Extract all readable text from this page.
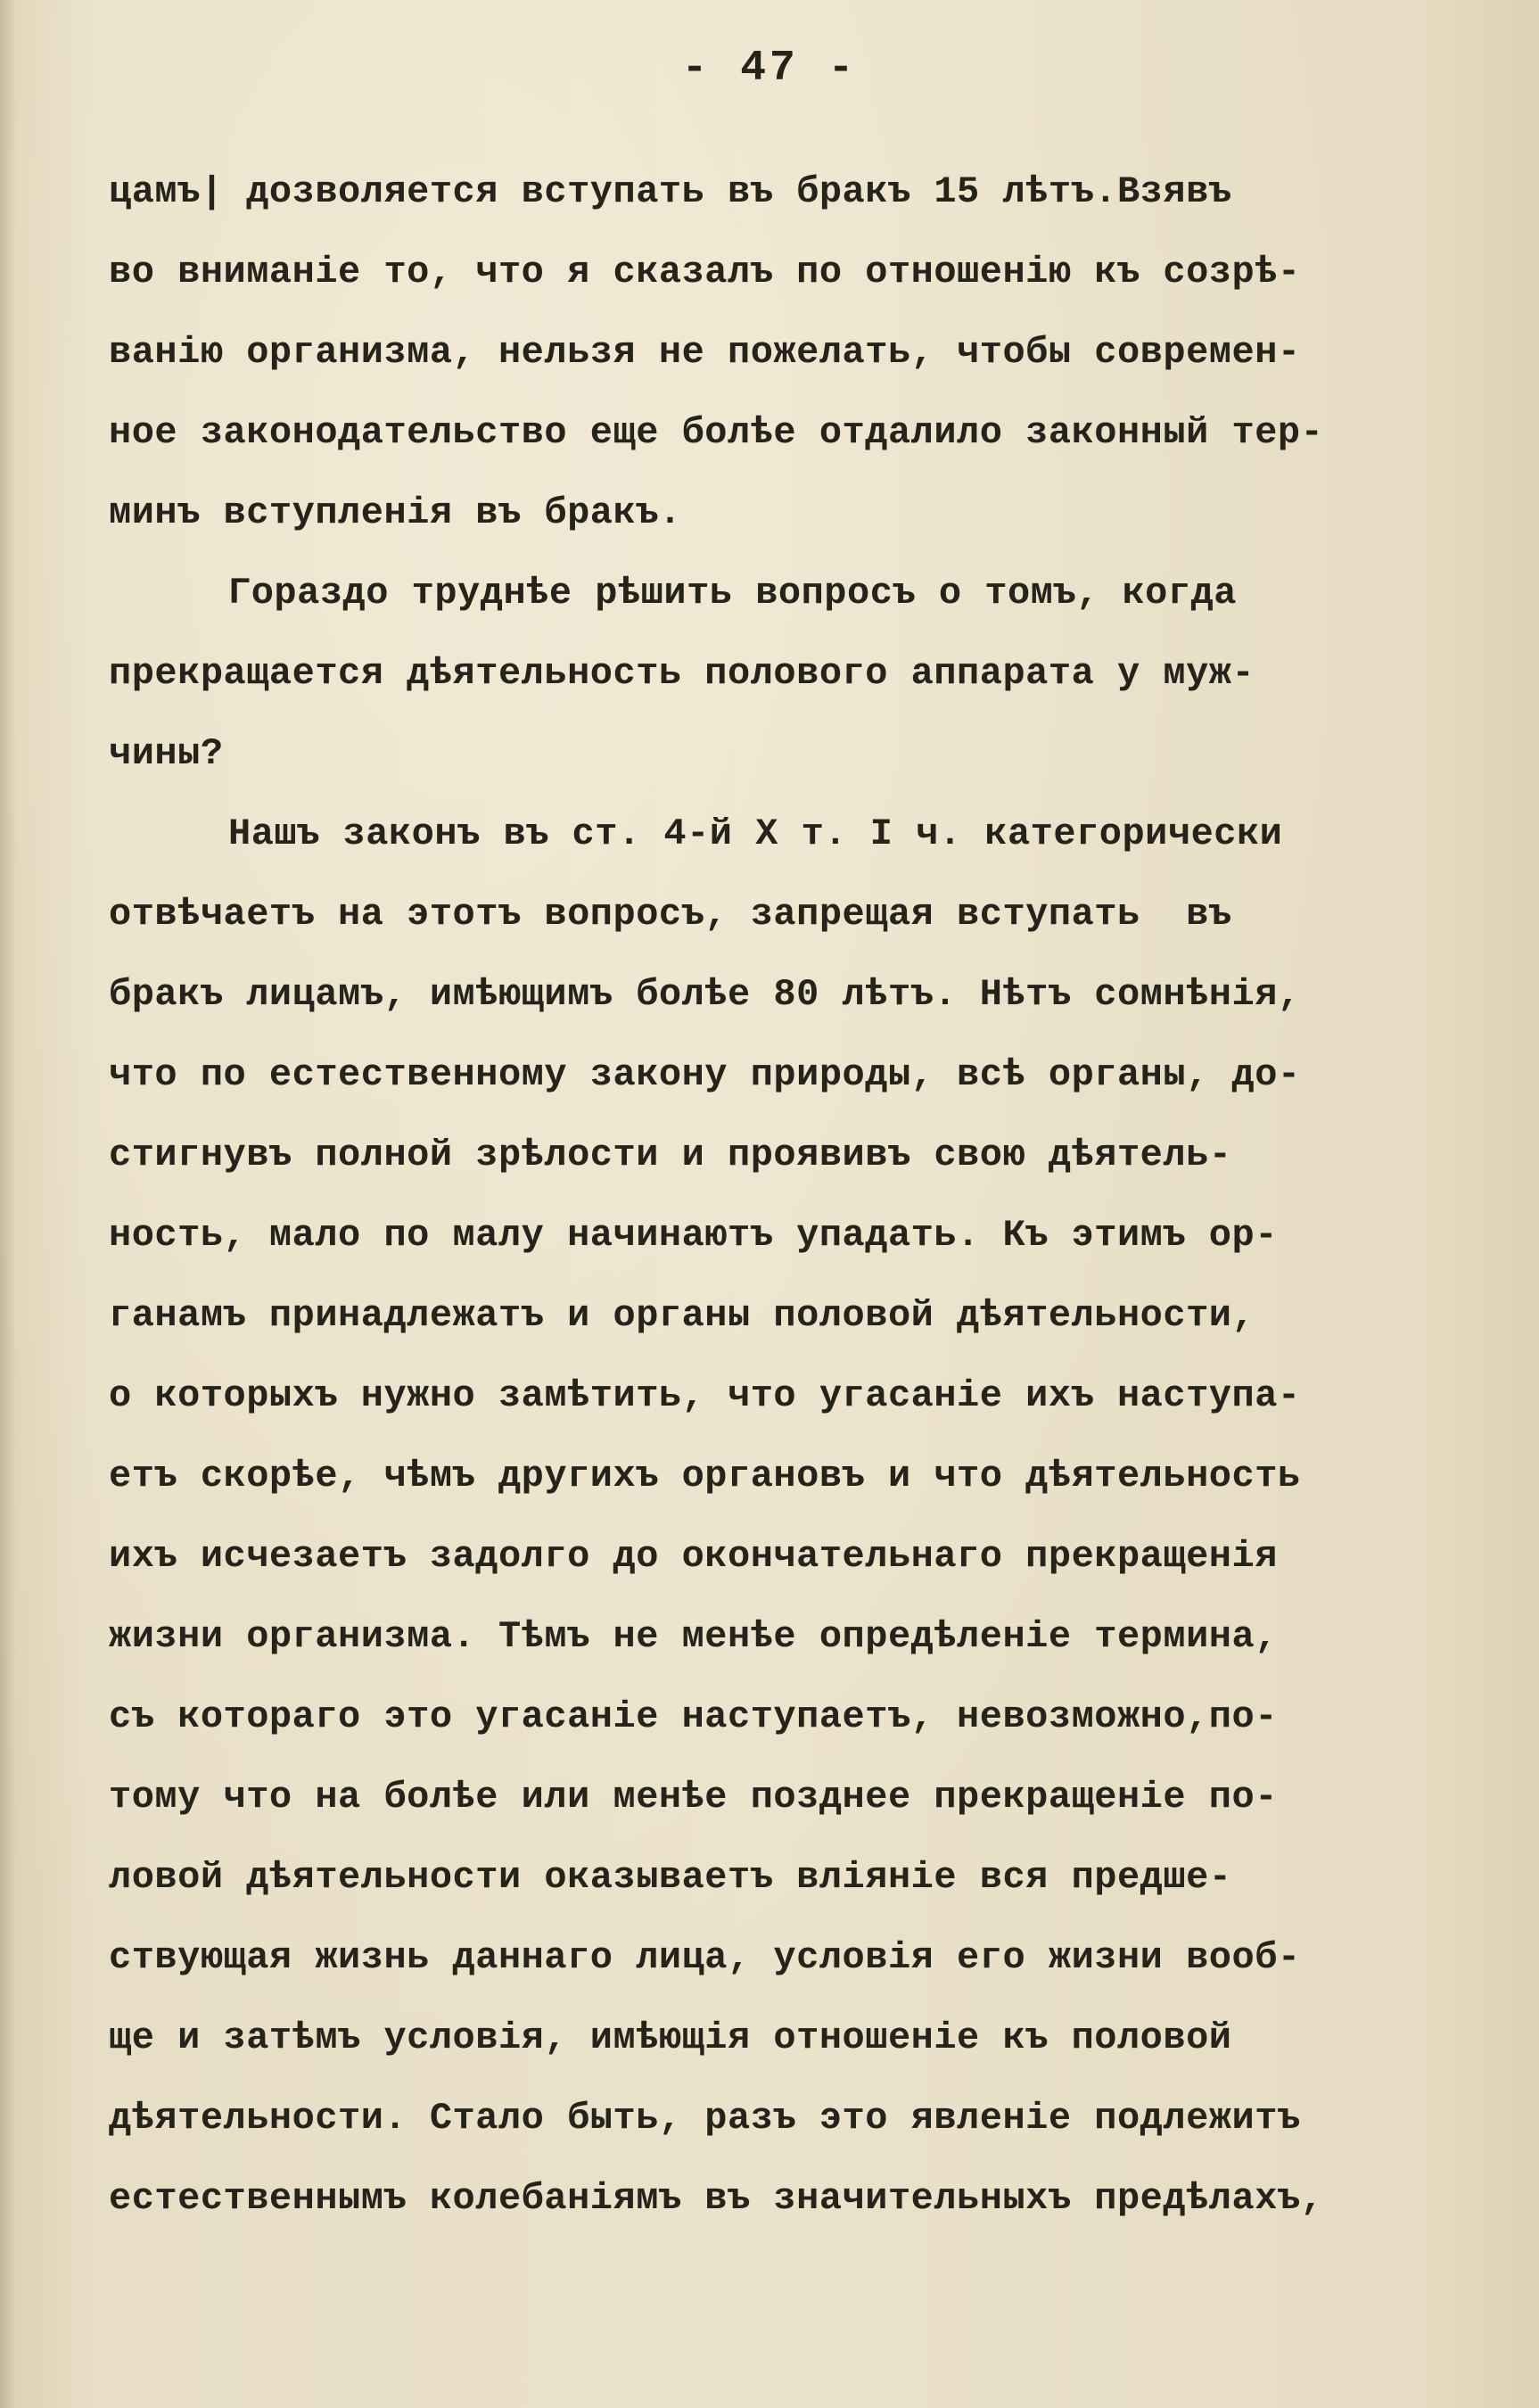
- 47 -
цамъ| дозволяется вступать въ бракъ 15 лѣтъ.Взявъ
во вниманiе то, что я сказалъ по отношенiю къ созрѣ-
ванiю организма, нельзя не пожелать, чтобы современ-
ное законодательство еще болѣе отдалило законный тер-
минъ вступленiя въ бракъ.
Гораздо труднѣе рѣшить вопросъ о томъ, когда
прекращается дѣятельность полового аппарата у муж-
чины?
Нашъ законъ въ ст. 4-й X т. I ч. категорически
отвѣчаетъ на этотъ вопросъ, запрещая вступать  въ
бракъ лицамъ, имѣющимъ болѣе 80 лѣтъ. Нѣтъ сомнѣнiя,
что по естественному закону природы, всѣ органы, до-
стигнувъ полной зрѣлости и проявивъ свою дѣятель-
ность, мало по малу начинаютъ упадать. Къ этимъ ор-
ганамъ принадлежатъ и органы половой дѣятельности,
о которыхъ нужно замѣтить, что угасанiе ихъ наступа-
етъ скорѣе, чѣмъ другихъ органовъ и что дѣятельность
ихъ исчезаетъ задолго до окончательнаго прекращенiя
жизни организма. Тѣмъ не менѣе опредѣленiе термина,
съ котораго это угасанiе наступаетъ, невозможно,по-
тому что на болѣе или менѣе позднее прекращенiе по-
ловой дѣятельности оказываетъ влiянiе вся предше-
ствующая жизнь даннаго лица, условiя его жизни вооб-
ще и затѣмъ условiя, имѣющiя отношенiе къ половой
дѣятельности. Стало быть, разъ это явленiе подлежитъ
естественнымъ колебанiямъ въ значительныхъ предѣлахъ,
